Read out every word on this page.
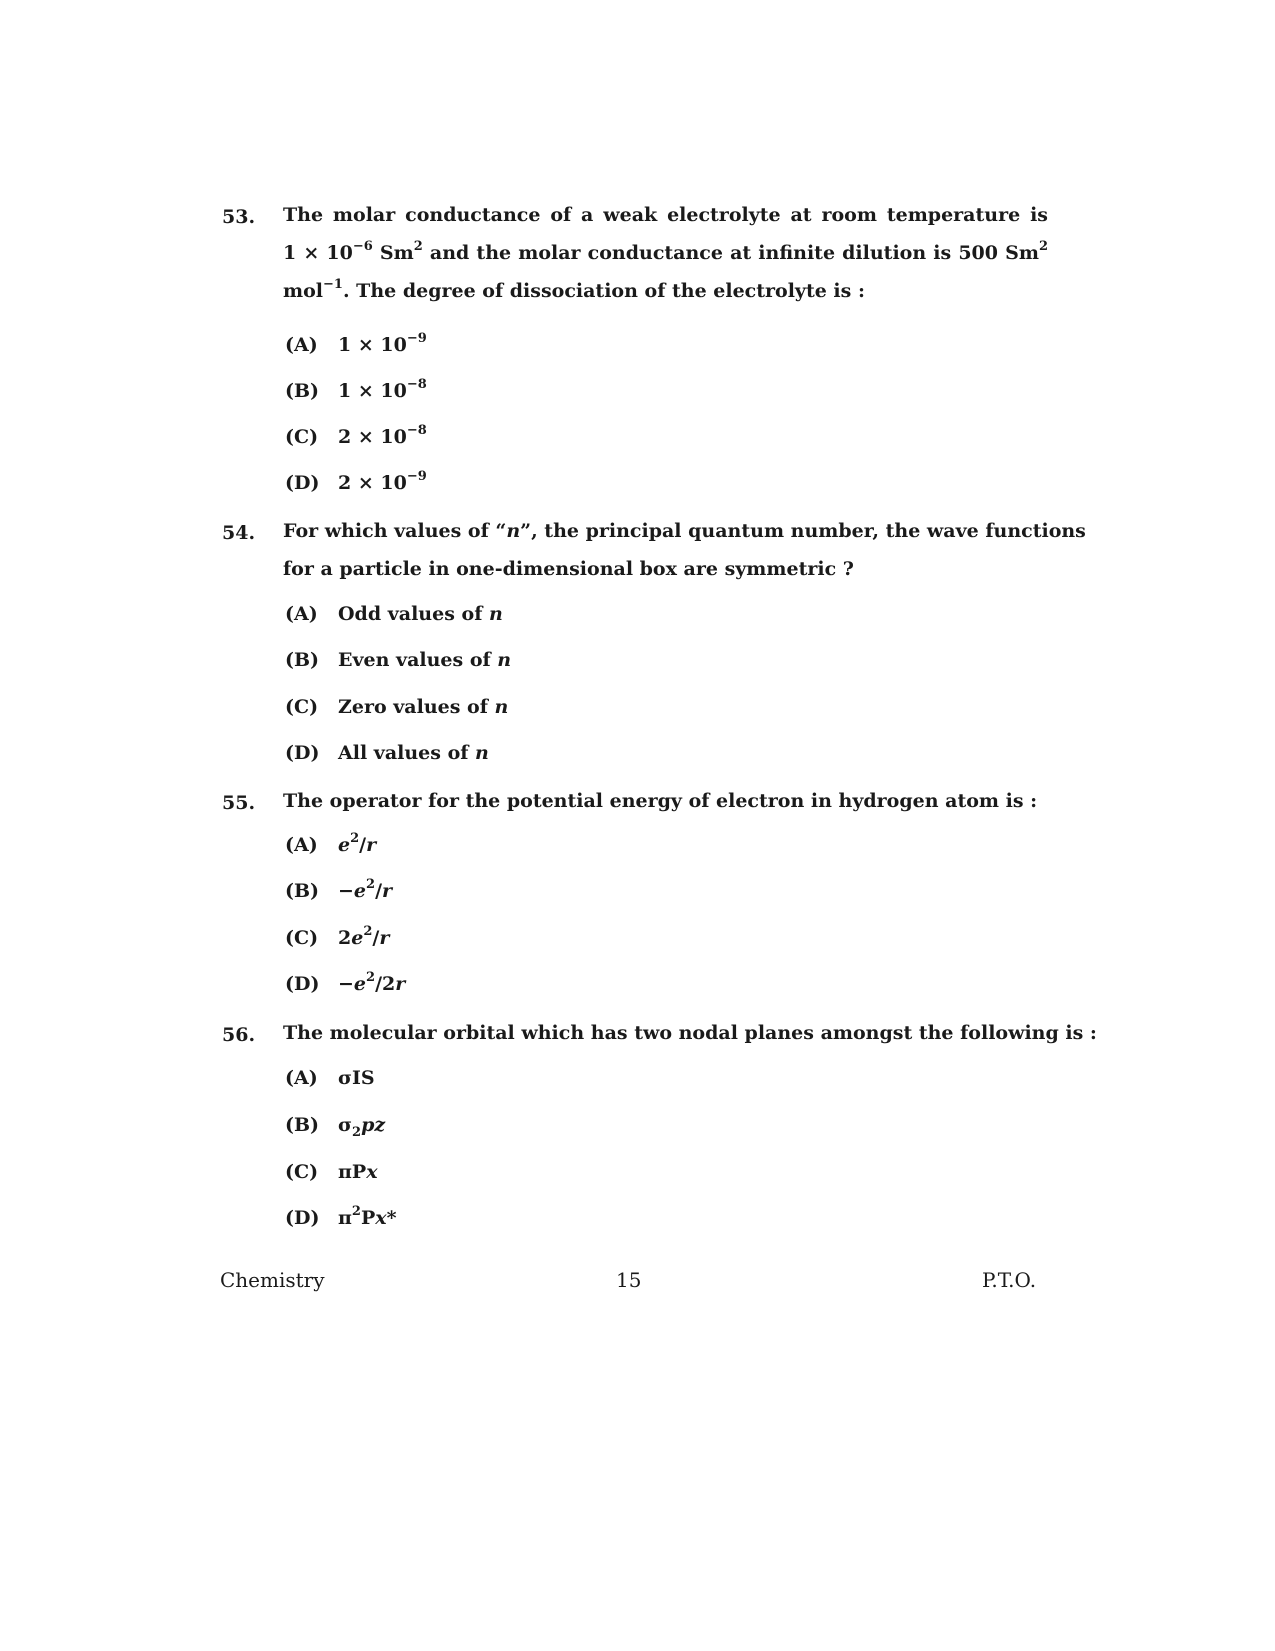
53. The molar conductance of a weak electrolyte at room temperature is
$1 \times 10^{-6}$ Sm$^2$ and the molar conductance at infinite dilution is 500 Sm$^2$
mol$^{-1}$. The degree of dissociation of the electrolyte is :
(A) $1 \times 10^{-9}$
(B) $1 \times 10^{-8}$
(C) $2 \times 10^{-8}$
(D) $2 \times 10^{-9}$
54. For which values of “n”, the principal quantum number, the wave functions
for a particle in one-dimensional box are symmetric ?
(A) Odd values of n
(B) Even values of n
(C) Zero values of n
(D) All values of n
55. The operator for the potential energy of electron in hydrogen atom is :
(A) $e^2/r$
$(B) -e^2/r$
(C) $2e^2/r$
$(D) -e^2/2r$
56. The molecular orbital which has two nodal planes amongst the following is :
(A) σIS
(B) $\sigma_2pz$
(C) πPx
(D) $\pi^2Px*$
Chemistry	15	P.T.O.
